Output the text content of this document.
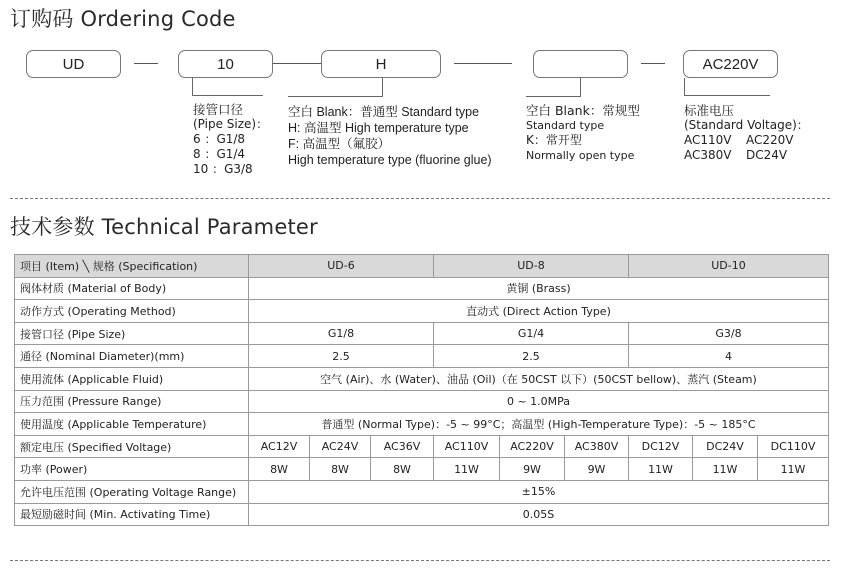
订购码 Ordering Code
UD	10	H	AC220V
接管口径
(Pipe Size)：
6 ：G1/8
8 ：G1/4
10 ：G3/8
空白 Blank：普通型 Standard type
H: 高温型 High temperature type
F: 高温型（氟胶）
High temperature type (fluorine glue)
空白 Blank：常规型
Standard type
K：常开型
Normally open type
标准电压
(Standard Voltage)：
AC110V	AC220V
AC380V	DC24V
技术参数 Technical Parameter
项目 (Item) ╲ 规格 (Specification)	UD-6			UD-8			UD-10		
阀体材质 (Material of Body)	黄铜 (Brass)								
动作方式 (Operating Method)	直动式 (Direct Action Type)								
接管口径 (Pipe Size)	G1/8			G1/4			G3/8		
通径 (Nominal Diameter)(mm)	2.5			2.5			4		
使用流体 (Applicable Fluid)	空气 (Air)、水 (Water)、油品 (Oil)（在 50CST 以下）(50CST bellow)、蒸汽 (Steam)								
压力范围 (Pressure Range)	0 ~ 1.0MPa								
使用温度 (Applicable Temperature)	普通型 (Normal Type)：-5 ~ 99°C；高温型 (High-Temperature Type)：-5 ~ 185°C								
额定电压 (Specified Voltage)	AC12V	AC24V	AC36V	AC110V	AC220V	AC380V	DC12V	DC24V	DC110V
功率 (Power)	8W	8W	8W	11W	9W	9W	11W	11W	11W
允许电压范围 (Operating Voltage Range)	±15%								
最短励磁时间 (Min. Activating Time)	0.05S								
